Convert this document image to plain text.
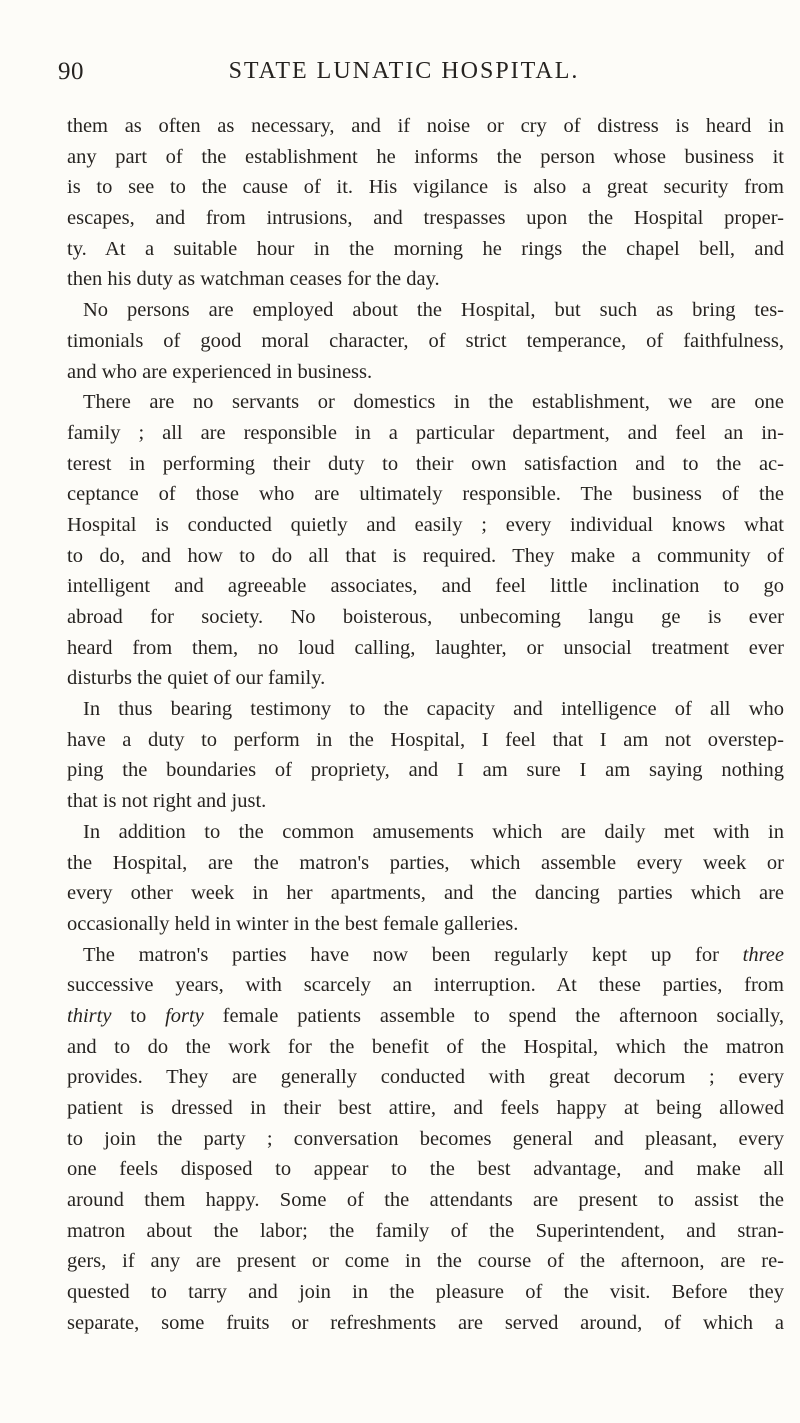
90	STATE LUNATIC HOSPITAL.
them as often as necessary, and if noise or cry of distress is heard in
any part of the establishment he informs the person whose business it
is to see to the cause of it. His vigilance is also a great security from
escapes, and from intrusions, and trespasses upon the Hospital proper-
ty. At a suitable hour in the morning he rings the chapel bell, and
then his duty as watchman ceases for the day.
No persons are employed about the Hospital, but such as bring tes-
timonials of good moral character, of strict temperance, of faithfulness,
and who are experienced in business.
There are no servants or domestics in the establishment, we are one
family ; all are responsible in a particular department, and feel an in-
terest in performing their duty to their own satisfaction and to the ac-
ceptance of those who are ultimately responsible. The business of the
Hospital is conducted quietly and easily ; every individual knows what
to do, and how to do all that is required. They make a community of
intelligent and agreeable associates, and feel little inclination to go
abroad for society. No boisterous, unbecoming langu ge is ever
heard from them, no loud calling, laughter, or unsocial treatment ever
disturbs the quiet of our family.
In thus bearing testimony to the capacity and intelligence of all who
have a duty to perform in the Hospital, I feel that I am not overstep-
ping the boundaries of propriety, and I am sure I am saying nothing
that is not right and just.
In addition to the common amusements which are daily met with in
the Hospital, are the matron's parties, which assemble every week or
every other week in her apartments, and the dancing parties which are
occasionally held in winter in the best female galleries.
The matron's parties have now been regularly kept up for three
successive years, with scarcely an interruption. At these parties, from
thirty to forty female patients assemble to spend the afternoon socially,
and to do the work for the benefit of the Hospital, which the matron
provides. They are generally conducted with great decorum ; every
patient is dressed in their best attire, and feels happy at being allowed
to join the party ; conversation becomes general and pleasant, every
one feels disposed to appear to the best advantage, and make all
around them happy. Some of the attendants are present to assist the
matron about the labor; the family of the Superintendent, and stran-
gers, if any are present or come in the course of the afternoon, are re-
quested to tarry and join in the pleasure of the visit. Before they
separate, some fruits or refreshments are served around, of which a
